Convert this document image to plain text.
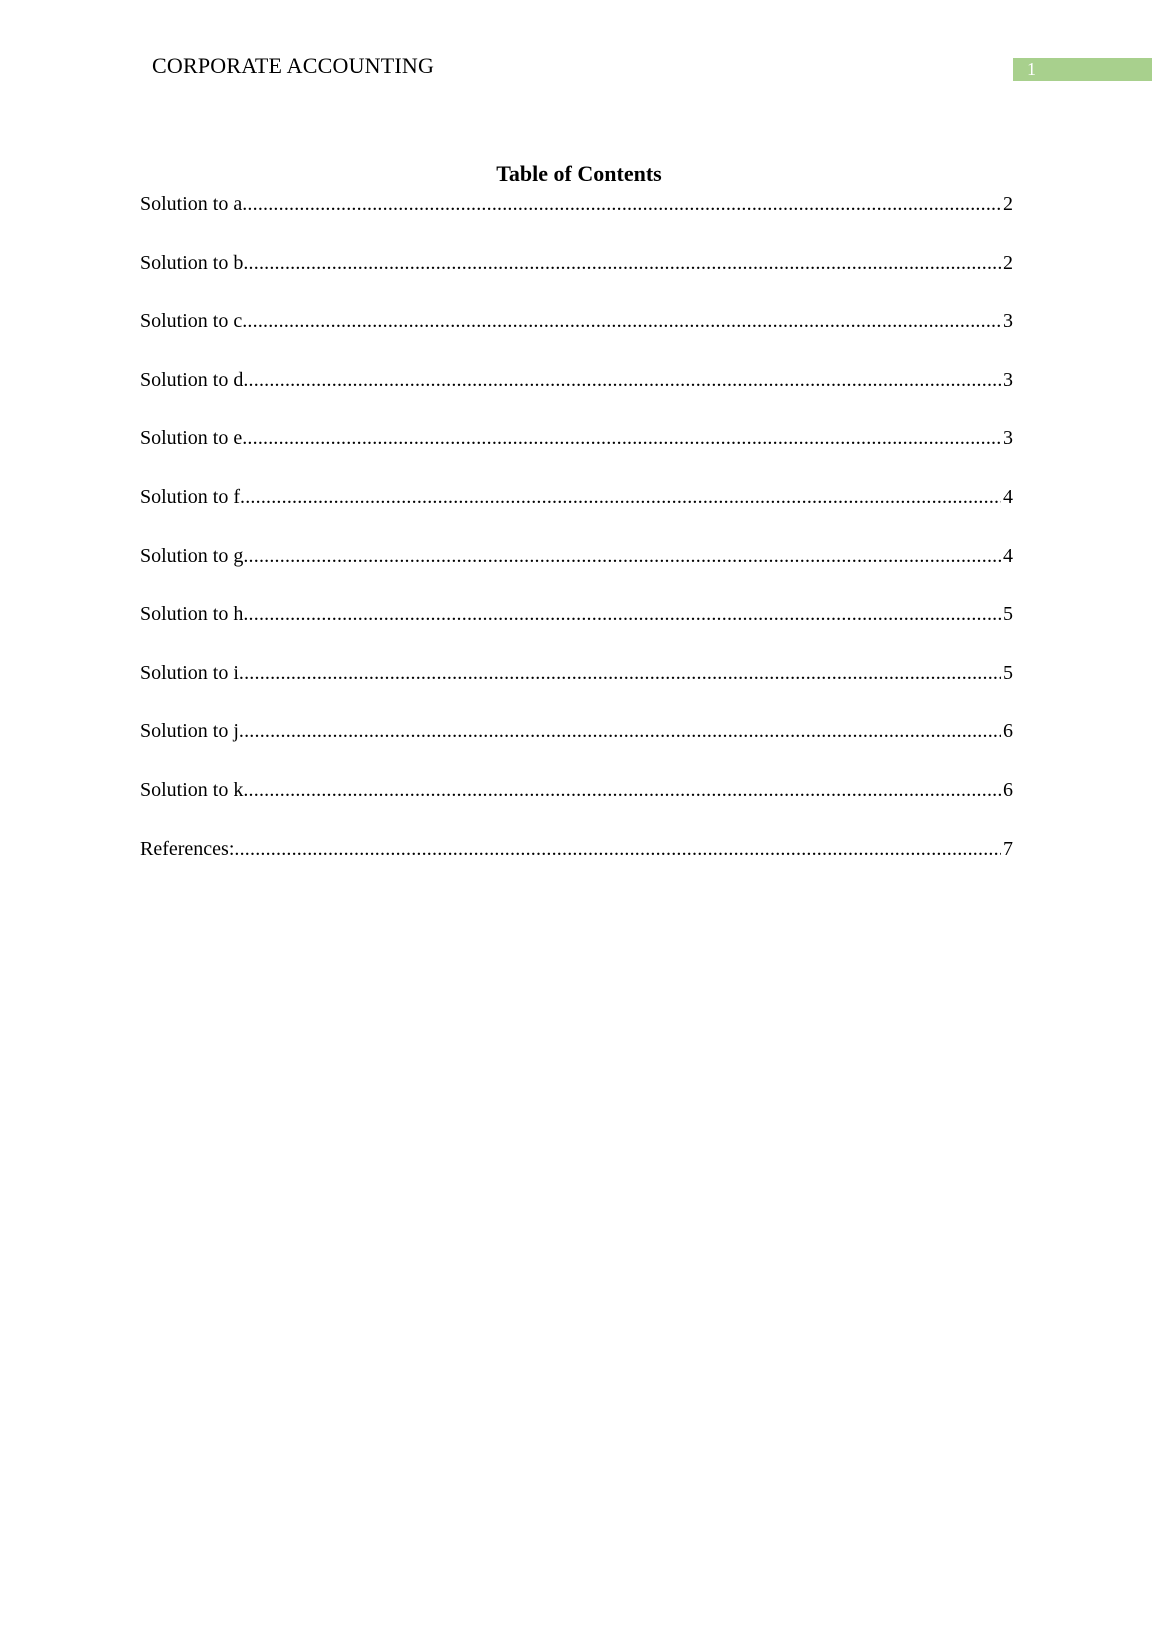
CORPORATE ACCOUNTING	1
Table of Contents
Solution to a .....	2
Solution to b .....	2
Solution to c .....	3
Solution to d .....	3
Solution to e .....	3
Solution to f .....	4
Solution to g .....	4
Solution to h .....	5
Solution to i .....	5
Solution to j .....	6
Solution to k .....	6
References: .....	7
